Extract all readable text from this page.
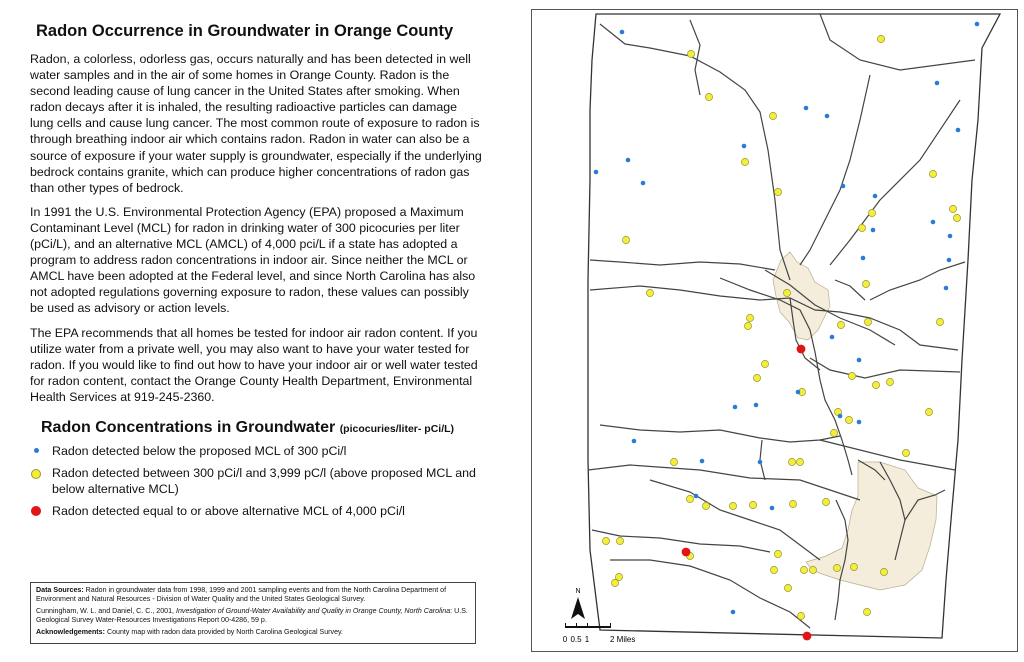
Radon Occurrence in Groundwater in Orange County

Radon, a colorless, odorless gas, occurs naturally and has been detected in well water samples and in the air of some homes in Orange County. Radon is the second leading cause of lung cancer in the United States after smoking. When radon decays after it is inhaled, the resulting radioactive particles can damage lung cells and cause lung cancer. The most common route of exposure to radon is through breathing indoor air which contains radon. Radon in water can also be a source of exposure if your water supply is groundwater, especially if the underlying bedrock contains granite, which can produce higher concentrations of radon gas than other types of bedrock.

In 1991 the U.S. Environmental Protection Agency (EPA) proposed a Maximum Contaminant Level (MCL) for radon in drinking water of 300 picocuries per liter (pCi/L), and an alternative MCL (AMCL) of 4,000 pci/L if a state has adopted a program to address radon concentrations in indoor air. Since neither the MCL or AMCL have been adopted at the Federal level, and since North Carolina has also not adopted regulations governing exposure to radon, these values can possibly be used as advisory or action levels.

The EPA recommends that all homes be tested for indoor air radon content. If you utilize water from a private well, you may also want to have your water tested for radon. If you would like to find out how to have your indoor air or well water tested for radon content, contact the Orange County Health Department, Environmental Health Services at 919-245-2360.

Radon Concentrations in Groundwater (picocuries/liter- pCi/L)
Radon detected below the proposed MCL of 300 pCi/l
Radon detected between 300 pCi/l and 3,999 pC/l (above proposed MCL and below alternative MCL)
Radon detected equal to or above alternative MCL of 4,000 pCi/l

Data Sources: Radon in groundwater data from 1998, 1999 and 2001 sampling events and from the North Carolina Department of Environment and Natural Resources - Division of Water Quality and the United States Geological Survey.

Cunningham, W. L. and Daniel, C. C., 2001, Investigation of Ground-Water Availability and Quality in Orange County, North Carolina: U.S. Geological Survey Water-Resources Investigations Report 00-4286, 59 p.

Acknowledgements: County map with radon data provided by North Carolina Geological Survey.

N
0 0.5 1	2 Miles
